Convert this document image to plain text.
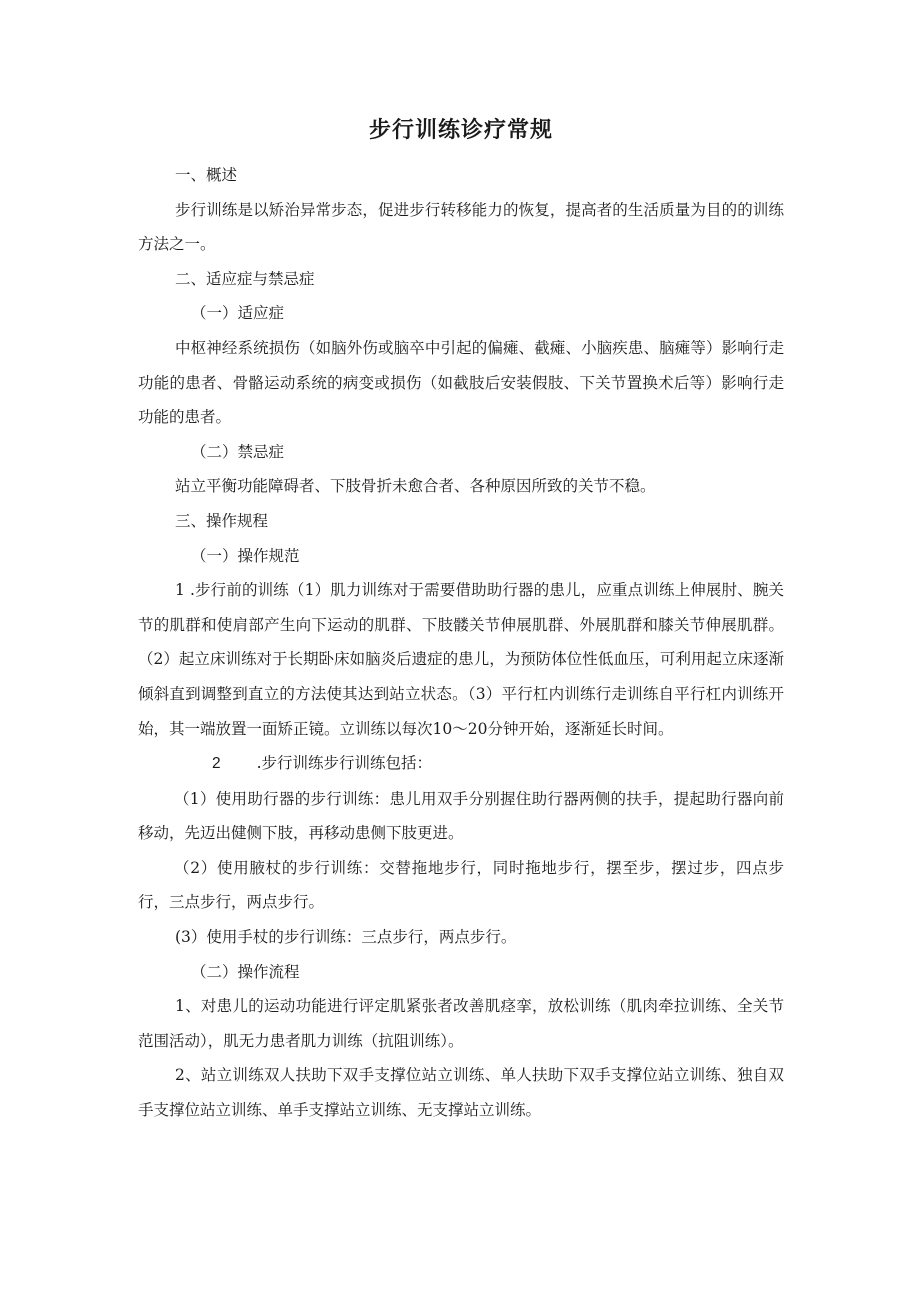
步行训练诊疗常规

一、概述

步行训练是以矫治异常步态，促进步行转移能力的恢复，提高者的生活质量为目的的训练方法之一。

二、适应症与禁忌症

（一）适应症

中枢神经系统损伤（如脑外伤或脑卒中引起的偏瘫、截瘫、小脑疾患、脑瘫等）影响行走功能的患者、骨骼运动系统的病变或损伤（如截肢后安装假肢、下关节置换术后等）影响行走功能的患者。

（二）禁忌症

站立平衡功能障碍者、下肢骨折未愈合者、各种原因所致的关节不稳。

三、操作规程

（一）操作规范

1 .步行前的训练（1）肌力训练对于需要借助助行器的患儿，应重点训练上伸展肘、腕关节的肌群和使肩部产生向下运动的肌群、下肢髅关节伸展肌群、外展肌群和膝关节伸展肌群。（2）起立床训练对于长期卧床如脑炎后遗症的患儿，为预防体位性低血压，可利用起立床逐渐倾斜直到调整到直立的方法使其达到站立状态。（3）平行杠内训练行走训练自平行杠内训练开始，其一端放置一面矫正镜。立训练以每次10～20分钟开始，逐渐延长时间。

2 .步行训练步行训练包括：

（1）使用助行器的步行训练：患儿用双手分别握住助行器两侧的扶手，提起助行器向前移动，先迈出健侧下肢，再移动患侧下肢更进。

（2）使用腋杖的步行训练：交替拖地步行，同时拖地步行，摆至步，摆过步，四点步行，三点步行，两点步行。

(3）使用手杖的步行训练：三点步行，两点步行。

（二）操作流程

1、对患儿的运动功能进行评定肌紧张者改善肌痉挛，放松训练（肌肉牵拉训练、全关节范围活动），肌无力患者肌力训练（抗阻训练）。

2、站立训练双人扶助下双手支撑位站立训练、单人扶助下双手支撑位站立训练、独自双手支撑位站立训练、单手支撑站立训练、无支撑站立训练。
